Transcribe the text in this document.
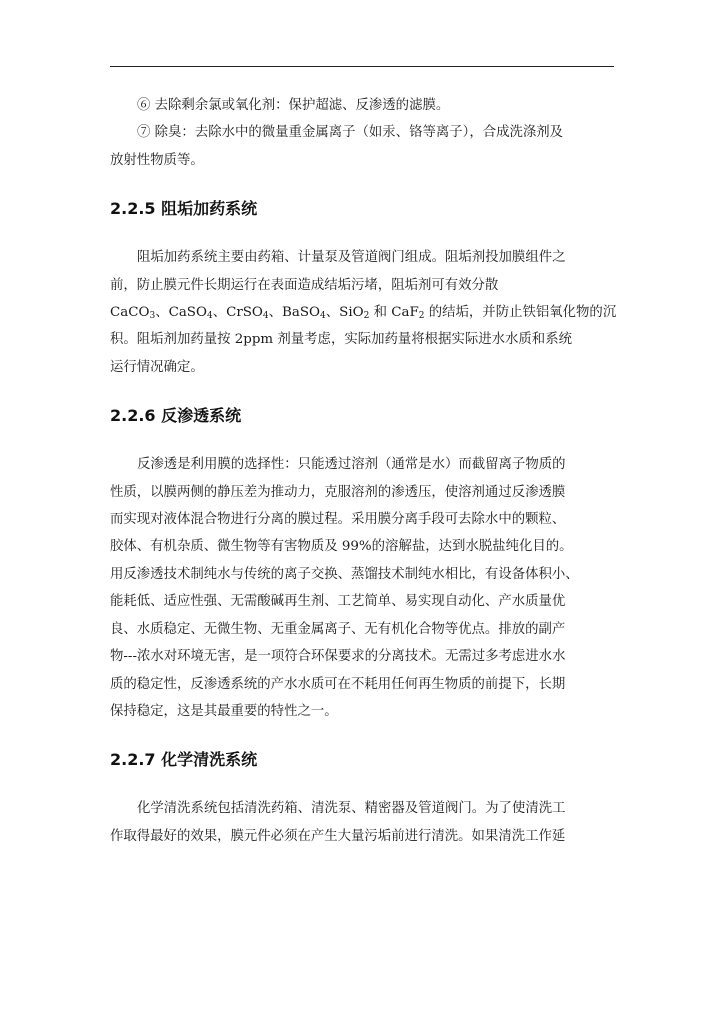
⑥ 去除剩余氯或氧化剂：保护超滤、反渗透的滤膜。

⑦ 除臭：去除水中的微量重金属离子（如汞、铬等离子），合成洗涤剂及

放射性物质等。

2.2.5 阻垢加药系统

阻垢加药系统主要由药箱、计量泵及管道阀门组成。阻垢剂投加膜组件之

前，防止膜元件长期运行在表面造成结垢污堵，阻垢剂可有效分散

CaCO$_3$、CaSO$_4$、CrSO$_4$、BaSO$_4$、SiO$_2$ 和 CaF$_2$ 的结垢，并防止铁铝氧化物的沉

积。阻垢剂加药量按 2ppm 剂量考虑，实际加药量将根据实际进水水质和系统

运行情况确定。

2.2.6 反渗透系统

反渗透是利用膜的选择性：只能透过溶剂（通常是水）而截留离子物质的

性质，以膜两侧的静压差为推动力，克服溶剂的渗透压，使溶剂通过反渗透膜

而实现对液体混合物进行分离的膜过程。采用膜分离手段可去除水中的颗粒、

胶体、有机杂质、微生物等有害物质及 99%的溶解盐，达到水脱盐纯化目的。

用反渗透技术制纯水与传统的离子交换、蒸馏技术制纯水相比，有设备体积小、

能耗低、适应性强、无需酸碱再生剂、工艺简单、易实现自动化、产水质量优

良、水质稳定、无微生物、无重金属离子、无有机化合物等优点。排放的副产

物---浓水对环境无害，是一项符合环保要求的分离技术。无需过多考虑进水水

质的稳定性，反渗透系统的产水水质可在不耗用任何再生物质的前提下，长期

保持稳定，这是其最重要的特性之一。

2.2.7 化学清洗系统

化学清洗系统包括清洗药箱、清洗泵、精密器及管道阀门。为了使清洗工

作取得最好的效果，膜元件必须在产生大量污垢前进行清洗。如果清洗工作延
